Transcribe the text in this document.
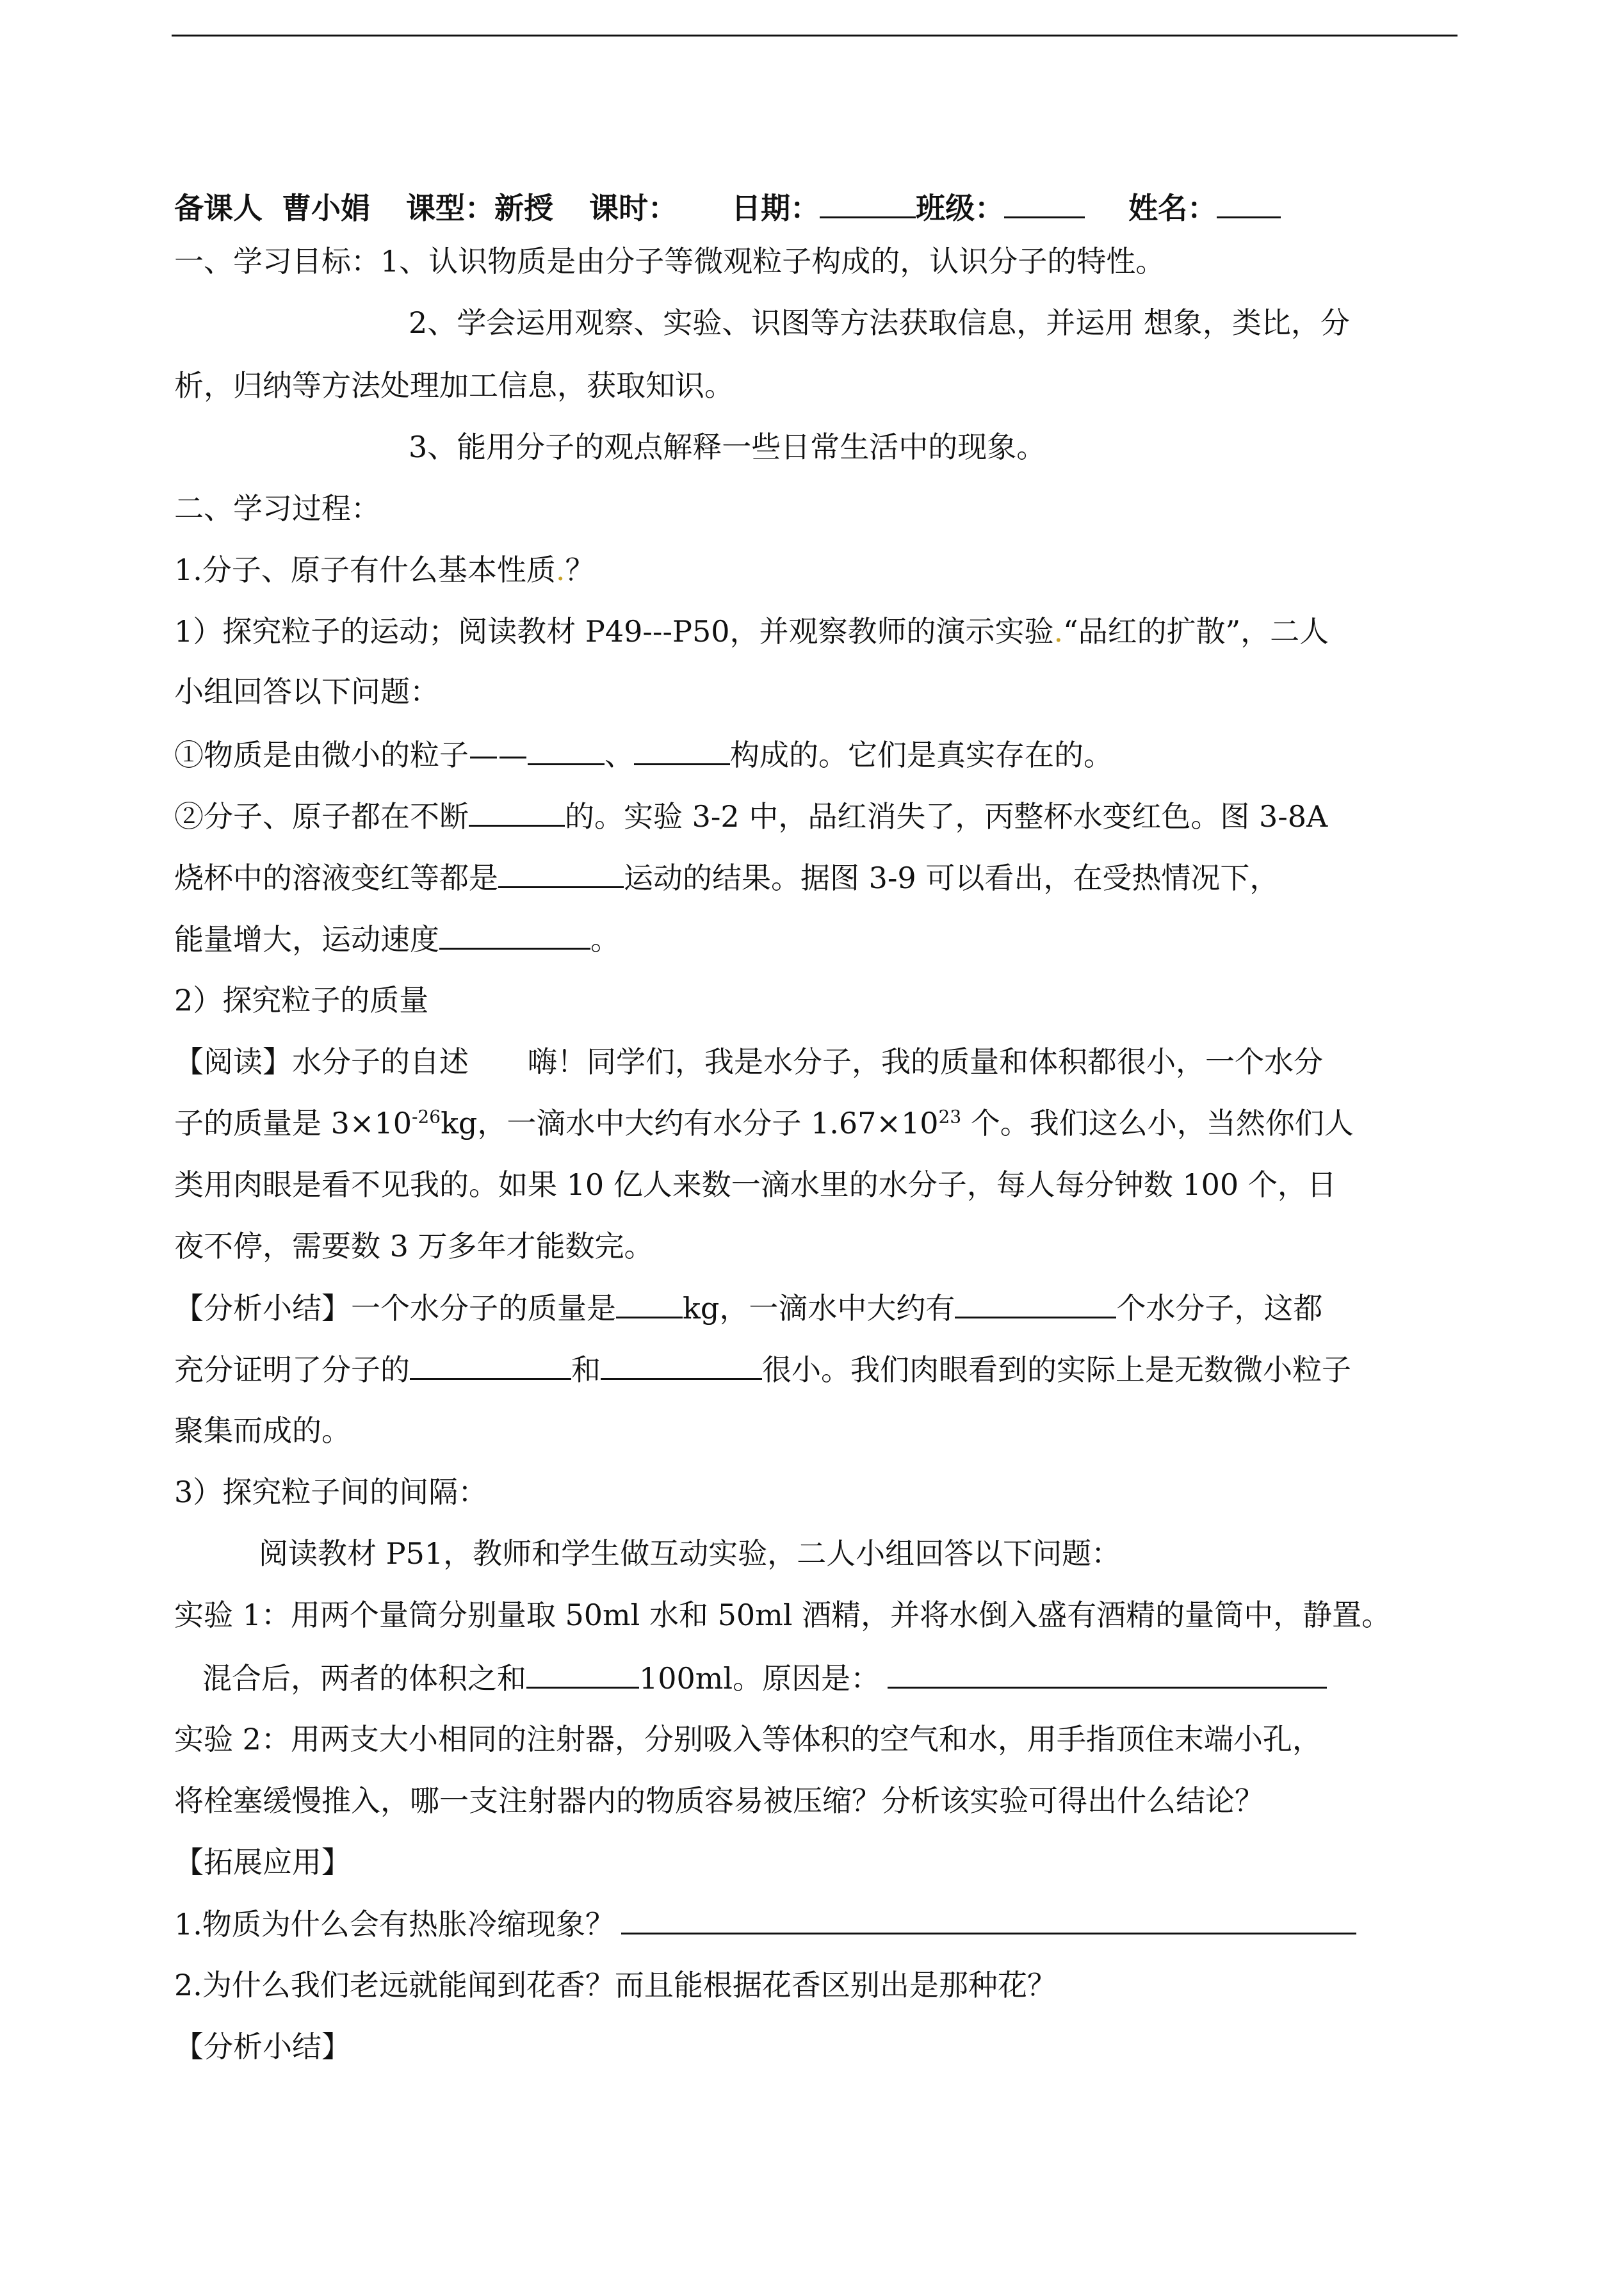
备课人 曹小娟 课型：新授 课时： 日期：	班级：	姓名：
一、学习目标：1、认识物质是由分子等微观粒子构成的，认识分子的特性。
2、学会运用观察、实验、识图等方法获取信息，并运用 想象，类比，分
析，归纳等方法处理加工信息，获取知识。
3、能用分子的观点解释一些日常生活中的现象。
二、学习过程：
1.分子、原子有什么基本性质.？
1）探究粒子的运动；阅读教材 P49---P50，并观察教师的演示实验.“品红的扩散”，二人
小组回答以下问题：
①物质是由微小的粒子——	、	构成的。它们是真实存在的。
②分子、原子都在不断	的。实验 3-2 中，品红消失了，丙整杯水变红色。图 3-8A
烧杯中的溶液变红等都是	运动的结果。据图 3-9 可以看出，在受热情况下，
能量增大，运动速度	。
2）探究粒子的质量
【阅读】水分子的自述　　嗨！同学们，我是水分子，我的质量和体积都很小，一个水分
子的质量是 $3\times 10^{-26}kg$，一滴水中大约有水分子 $1.67\times 10^{23}$ 个。我们这么小，当然你们人
类用肉眼是看不见我的。如果 10 亿人来数一滴水里的水分子，每人每分钟数 100 个，日
夜不停，需要数 3 万多年才能数完。
【分析小结】一个水分子的质量是 kg，一滴水中大约有	个水分子，这都
充分证明了分子的	和	很小。我们肉眼看到的实际上是无数微小粒子
聚集而成的。
3）探究粒子间的间隔：
阅读教材 P51，教师和学生做互动实验，二人小组回答以下问题：
实验 1：用两个量筒分别量取 50ml 水和 50ml 酒精，并将水倒入盛有酒精的量筒中，静置。
混合后，两者的体积之和	100ml。原因是：
实验 2：用两支大小相同的注射器，分别吸入等体积的空气和水，用手指顶住末端小孔，
将栓塞缓慢推入，哪一支注射器内的物质容易被压缩？分析该实验可得出什么结论？
【拓展应用】
1.物质为什么会有热胀冷缩现象？
2.为什么我们老远就能闻到花香？而且能根据花香区别出是那种花？
【分析小结】
